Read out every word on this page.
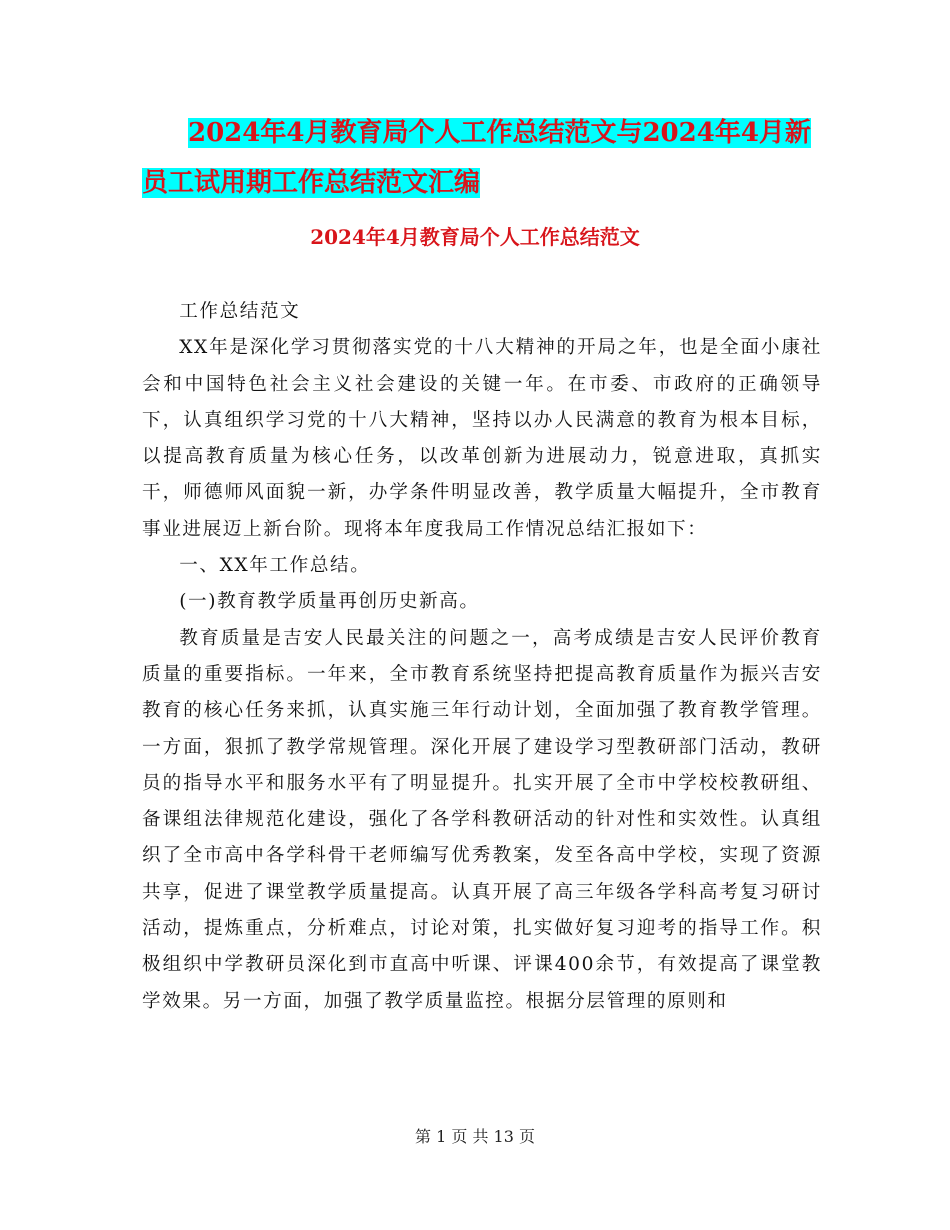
2024年4月教育局个人工作总结范文与2024年4月新
员工试用期工作总结范文汇编
2024年4月教育局个人工作总结范文

工作总结范文

XX年是深化学习贯彻落实党的十八大精神的开局之年，也是全面小康社会和中国特色社会主义社会建设的关键一年。在市委、市政府的正确领导下，认真组织学习党的十八大精神，坚持以办人民满意的教育为根本目标，以提高教育质量为核心任务，以改革创新为进展动力，锐意进取，真抓实干，师德师风面貌一新，办学条件明显改善，教学质量大幅提升，全市教育事业进展迈上新台阶。现将本年度我局工作情况总结汇报如下：

一、XX年工作总结。

(一)教育教学质量再创历史新高。

教育质量是吉安人民最关注的问题之一，高考成绩是吉安人民评价教育质量的重要指标。一年来，全市教育系统坚持把提高教育质量作为振兴吉安教育的核心任务来抓，认真实施三年行动计划，全面加强了教育教学管理。一方面，狠抓了教学常规管理。深化开展了建设学习型教研部门活动，教研员的指导水平和服务水平有了明显提升。扎实开展了全市中学校校教研组、备课组法律规范化建设，强化了各学科教研活动的针对性和实效性。认真组织了全市高中各学科骨干老师编写优秀教案，发至各高中学校，实现了资源共享，促进了课堂教学质量提高。认真开展了高三年级各学科高考复习研讨活动，提炼重点，分析难点，讨论对策，扎实做好复习迎考的指导工作。积极组织中学教研员深化到市直高中听课、评课400余节，有效提高了课堂教学效果。另一方面，加强了教学质量监控。根据分层管理的原则和

第 1 页 共 13 页
